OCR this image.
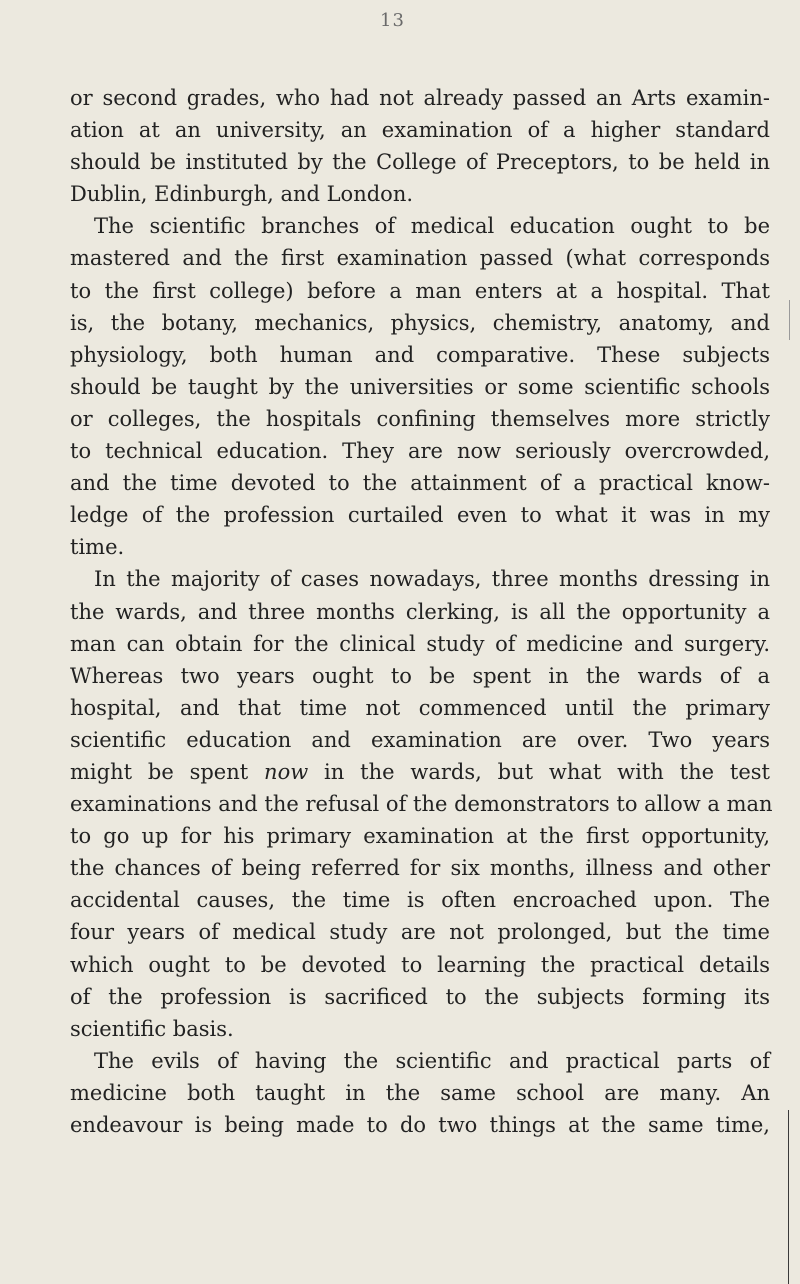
13
or second grades, who had not already passed an Arts examin-
ation at an university, an examination of a higher standard
should be instituted by the College of Preceptors, to be held in
Dublin, Edinburgh, and London.
The scientific branches of medical education ought to be
mastered and the first examination passed (what corresponds
to the first college) before a man enters at a hospital. That
is, the botany, mechanics, physics, chemistry, anatomy, and
physiology, both human and comparative. These subjects
should be taught by the universities or some scientific schools
or colleges, the hospitals confining themselves more strictly
to technical education. They are now seriously overcrowded,
and the time devoted to the attainment of a practical know-
ledge of the profession curtailed even to what it was in my
time.
In the majority of cases nowadays, three months dressing in
the wards, and three months clerking, is all the opportunity a
man can obtain for the clinical study of medicine and surgery.
Whereas two years ought to be spent in the wards of a
hospital, and that time not commenced until the primary
scientific education and examination are over. Two years
might be spent now in the wards, but what with the test
examinations and the refusal of the demonstrators to allow a man
to go up for his primary examination at the first opportunity,
the chances of being referred for six months, illness and other
accidental causes, the time is often encroached upon. The
four years of medical study are not prolonged, but the time
which ought to be devoted to learning the practical details
of the profession is sacrificed to the subjects forming its
scientific basis.
The evils of having the scientific and practical parts of
medicine both taught in the same school are many. An
endeavour is being made to do two things at the same time,
